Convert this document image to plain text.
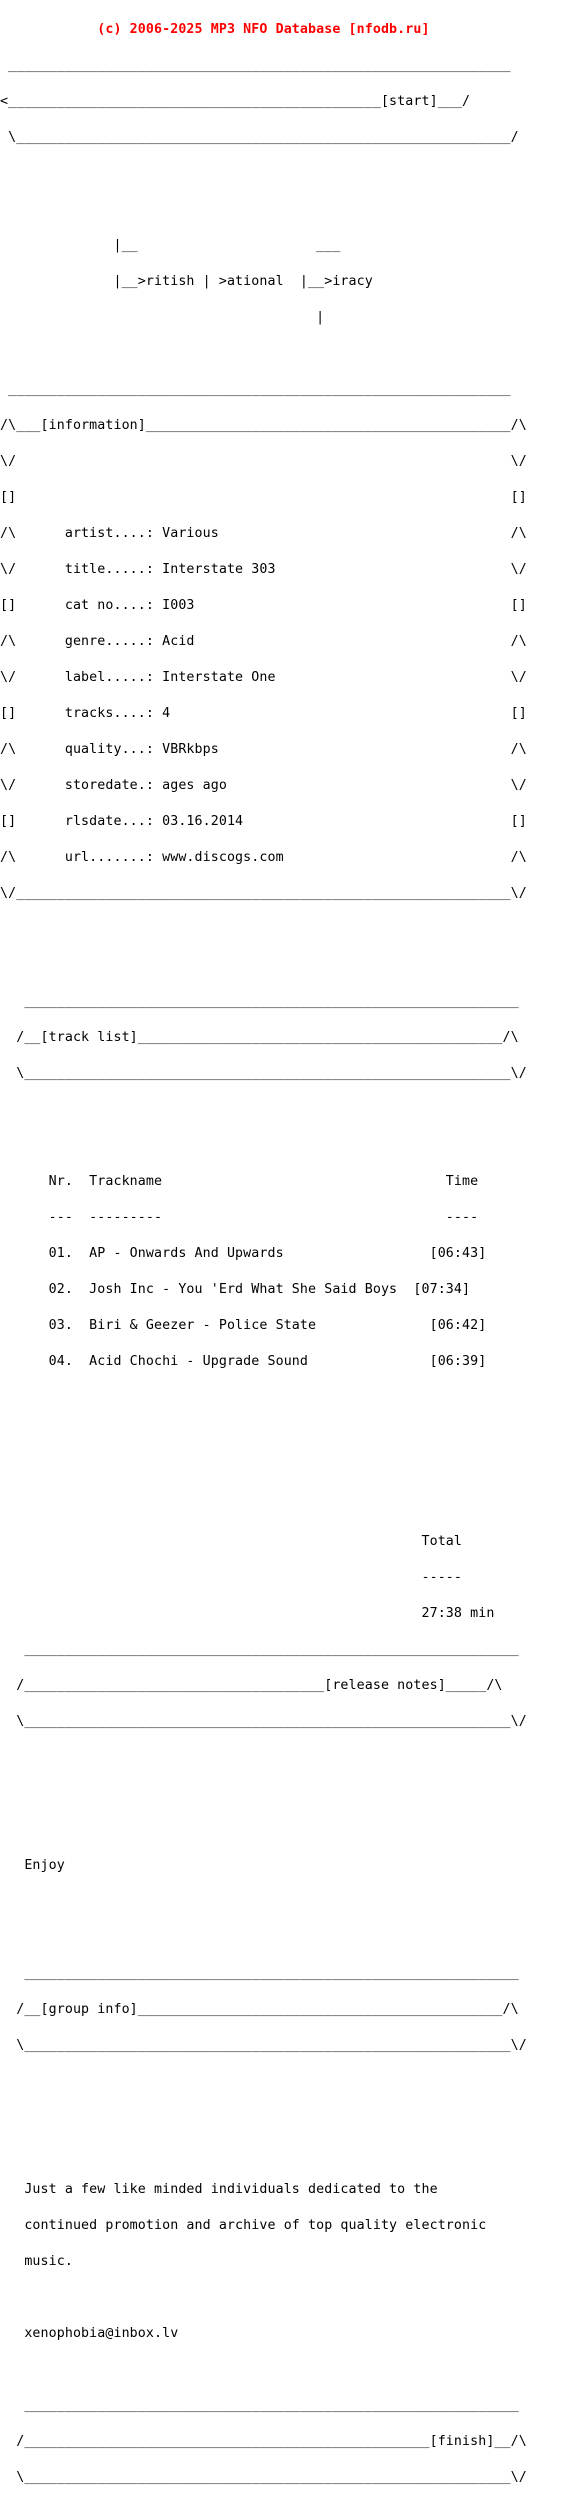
(c) 2006-2025 MP3 NFO Database [nfodb.ru]

______________________________________________________________

<______________________________________________[start]___/

\_____________________________________________________________/

|__                      ___

|__>ritish | >ational  |__>iracy

|

______________________________________________________________

/\___[information]_____________________________________________/\

\/                                                             \/

[]                                                             []

/\      artist....: Various                                    /\

\/      title.....: Interstate 303                             \/

[]      cat no....: I003                                       []

/\      genre.....: Acid                                       /\

\/      label.....: Interstate One                             \/

[]      tracks....: 4                                          []

/\      quality...: VBRkbps                                    /\

\/      storedate.: ages ago                                   \/

[]      rlsdate...: 03.16.2014                                 []

/\      url.......: www.discogs.com                            /\

\/_____________________________________________________________\/

_____________________________________________________________

/__[track list]_____________________________________________/\

\____________________________________________________________\/

Nr.  Trackname                                   Time

---  ---------                                   ----

01.  AP - Onwards And Upwards                  [06:43]

02.  Josh Inc - You 'Erd What She Said Boys  [07:34]

03.  Biri & Geezer - Police State              [06:42]

04.  Acid Chochi - Upgrade Sound               [06:39]

Total

-----

27:38 min

_____________________________________________________________

/_____________________________________[release notes]_____/\

\____________________________________________________________\/

Enjoy

_____________________________________________________________

/__[group info]_____________________________________________/\

\____________________________________________________________\/

Just a few like minded individuals dedicated to the

continued promotion and archive of top quality electronic

music.

xenophobia@inbox.lv

_____________________________________________________________

/__________________________________________________[finish]__/\

\____________________________________________________________\/
